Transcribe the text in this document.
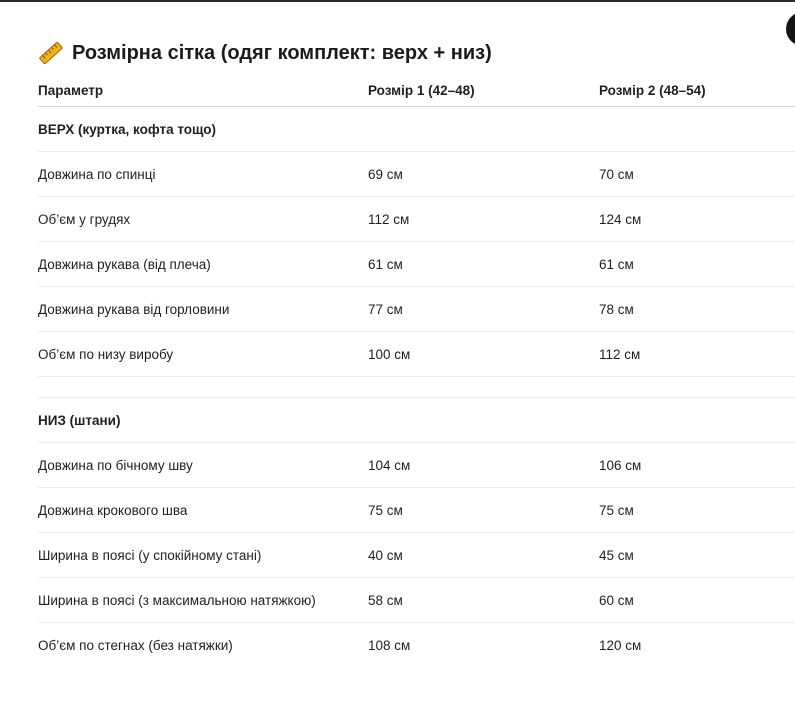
Розмірна сітка (одяг комплект: верх + низ)
Параметр	Розмір 1 (42–48)	Розмір 2 (48–54)
ВЕРХ (куртка, кофта тощо)		
Довжина по спинці	69 см	70 см
Об’єм у грудях	112 см	124 см
Довжина рукава (від плеча)	61 см	61 см
Довжина рукава від горловини	77 см	78 см
Об’єм по низу виробу	100 см	112 см

НИЗ (штани)		
Довжина по бічному шву	104 см	106 см
Довжина крокового шва	75 см	75 см
Ширина в поясі (у спокійному стані)	40 см	45 см
Ширина в поясі (з максимальною натяжкою)	58 см	60 см
Об’єм по стегнах (без натяжки)	108 см	120 см
